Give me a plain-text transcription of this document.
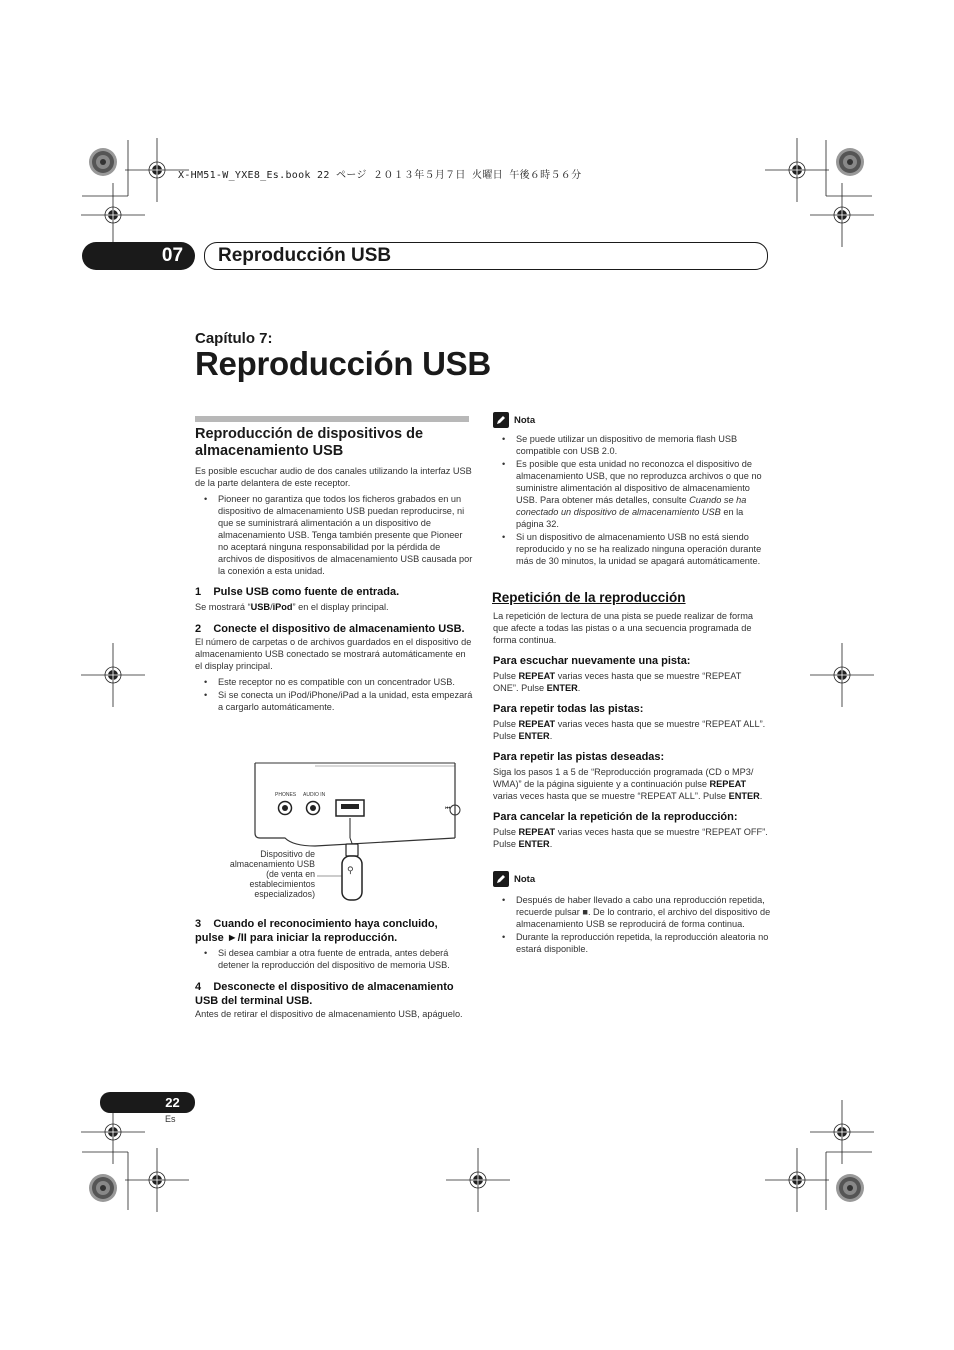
X-HM51-W_YXE8_Es.book 22 ページ ２０１３年５月７日 火曜日 午後６時５６分
07	Reproducción USB
Capítulo 7:
Reproducción USB
Reproducción de dispositivos de almacenamiento USB
Es posible escuchar audio de dos canales utilizando la interfaz USB de la parte delantera de este receptor.
• Pioneer no garantiza que todos los ficheros grabados en un dispositivo de almacenamiento USB puedan reproducirse, ni que se suministrará alimentación a un dispositivo de almacenamiento USB. Tenga también presente que Pioneer no aceptará ninguna responsabilidad por la pérdida de archivos de dispositivos de almacenamiento USB causada por la conexión a esta unidad.
1    Pulse USB como fuente de entrada.
Se mostrará “USB/iPod” en el display principal.
2    Conecte el dispositivo de almacenamiento USB.
El número de carpetas o de archivos guardados en el dispositivo de almacenamiento USB conectado se mostrará automáticamente en el display principal.
• Este receptor no es compatible con un concentrador USB.
• Si se conecta un iPod/iPhone/iPad a la unidad, esta empezará a cargarlo automáticamente.
PHONES AUDIO IN
⏮
⚲
Dispositivo de
almacenamiento USB
(de venta en
establecimientos
especializados)
3    Cuando el reconocimiento haya concluido,
pulse ►/II para iniciar la reproducción.
• Si desea cambiar a otra fuente de entrada, antes deberá detener la reproducción del dispositivo de memoria USB.
4    Desconecte el dispositivo de almacenamiento USB del terminal USB.
Antes de retirar el dispositivo de almacenamiento USB, apáguelo.
Nota
• Se puede utilizar un dispositivo de memoria flash USB compatible con USB 2.0.
• Es posible que esta unidad no reconozca el dispositivo de almacenamiento USB, que no reproduzca archivos o que no suministre alimentación al dispositivo de almacenamiento USB. Para obtener más detalles, consulte Cuando se ha conectado un dispositivo de almacenamiento USB en la página 32.
• Si un dispositivo de almacenamiento USB no está siendo reproducido y no se ha realizado ninguna operación durante más de 30 minutos, la unidad se apagará automáticamente.
Repetición de la reproducción
La repetición de lectura de una pista se puede realizar de forma que afecte a todas las pistas o a una secuencia programada de forma continua.
Para escuchar nuevamente una pista:
Pulse REPEAT varias veces hasta que se muestre “REPEAT ONE”. Pulse ENTER.
Para repetir todas las pistas:
Pulse REPEAT varias veces hasta que se muestre “REPEAT ALL”. Pulse ENTER.
Para repetir las pistas deseadas:
Siga los pasos 1 a 5 de “Reproducción programada (CD o MP3/ WMA)” de la página siguiente y a continuación pulse REPEAT varias veces hasta que se muestre “REPEAT ALL”. Pulse ENTER.
Para cancelar la repetición de la reproducción:
Pulse REPEAT varias veces hasta que se muestre “REPEAT OFF”. Pulse ENTER.
Nota
• Después de haber llevado a cabo una reproducción repetida, recuerde pulsar ■. De lo contrario, el archivo del dispositivo de almacenamiento USB se reproducirá de forma continua.
• Durante la reproducción repetida, la reproducción aleatoria no estará disponible.
22
Es
